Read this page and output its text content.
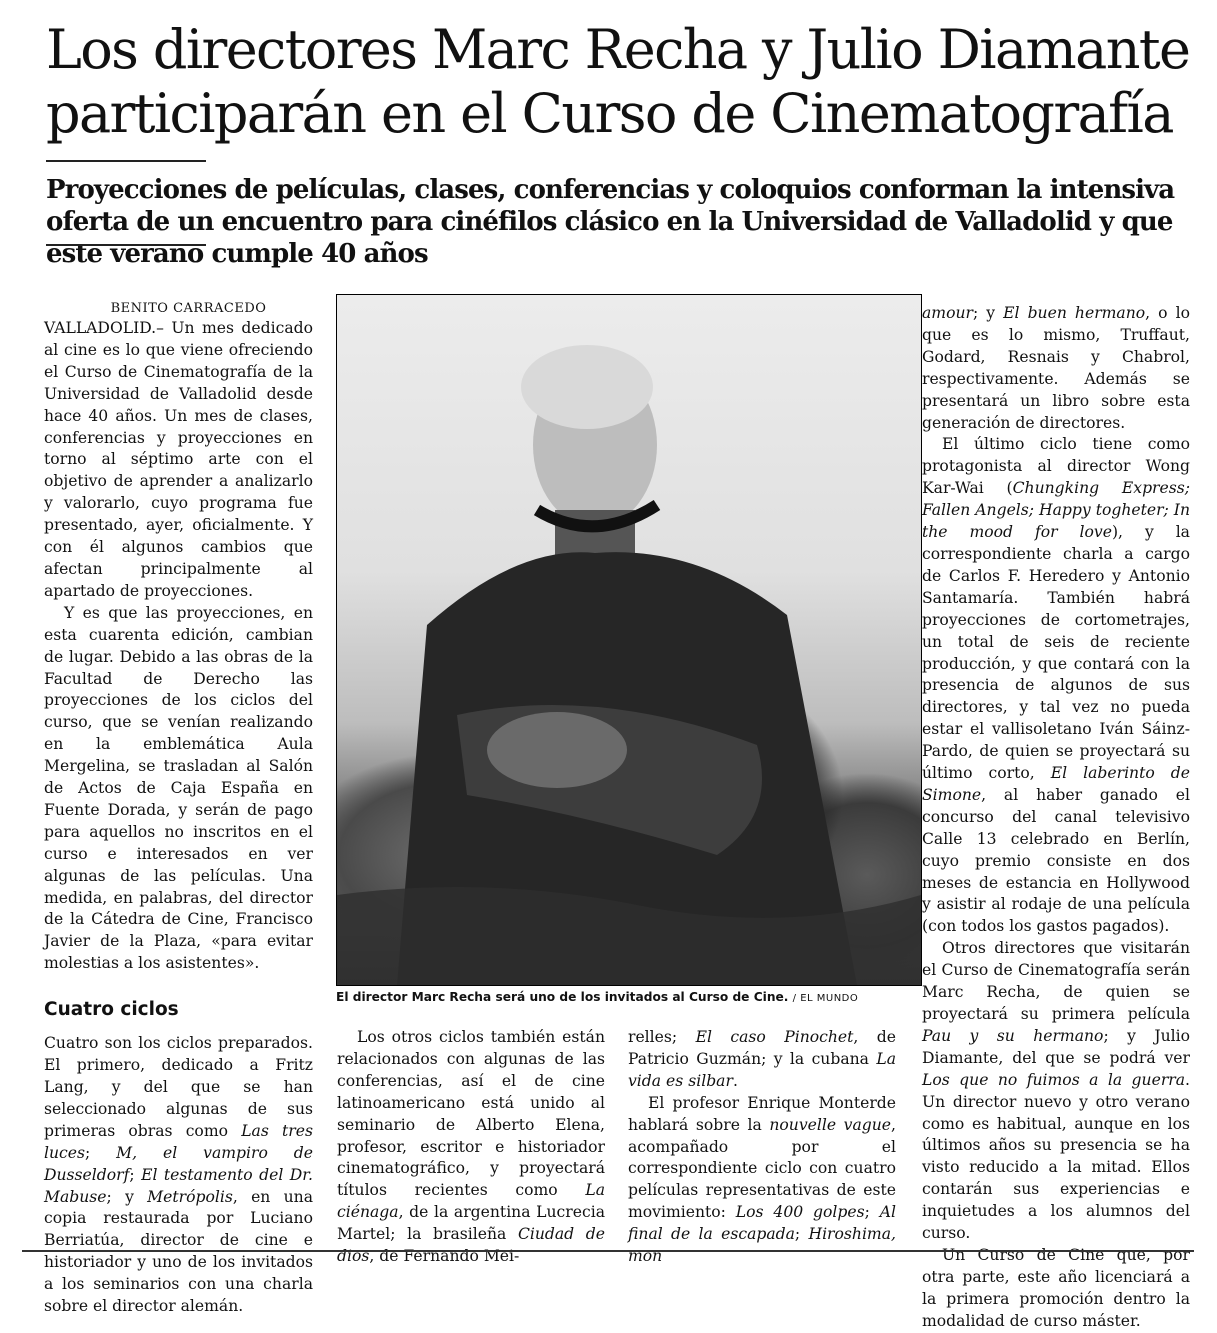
Los directores Marc Recha y Julio Diamante participarán en el Curso de Cinematografía
Proyecciones de películas, clases, conferencias y coloquios conforman la intensiva oferta de un encuentro para cinéfilos clásico en la Universidad de Valladolid y que este verano cumple 40 años

BENITO CARRACEDO

VALLADOLID.– Un mes dedicado al cine es lo que viene ofreciendo el Curso de Cinematografía de la Universidad de Valladolid desde hace 40 años. Un mes de clases, conferencias y proyecciones en torno al séptimo arte con el objetivo de aprender a analizarlo y valorarlo, cuyo programa fue presentado, ayer, oficialmente. Y con él algunos cambios que afectan principalmente al apartado de proyecciones.

Y es que las proyecciones, en esta cuarenta edición, cambian de lugar. Debido a las obras de la Facultad de Derecho las proyecciones de los ciclos del curso, que se venían realizando en la emblemática Aula Mergelina, se trasladan al Salón de Actos de Caja España en Fuente Dorada, y serán de pago para aquellos no inscritos en el curso e interesados en ver algunas de las películas. Una medida, en palabras, del director de la Cátedra de Cine, Francisco Javier de la Plaza, «para evitar molestias a los asistentes».

Cuatro ciclos

Cuatro son los ciclos preparados. El primero, dedicado a Fritz Lang, y del que se han seleccionado algunas de sus primeras obras como Las tres luces; M, el vampiro de Dusseldorf; El testamento del Dr. Mabuse; y Metrópolis, en una copia restaurada por Luciano Berriatúa, director de cine e historiador y uno de los invitados a los seminarios con una charla sobre el director alemán.

El director Marc Recha será uno de los invitados al Curso de Cine. / EL MUNDO

Los otros ciclos también están relacionados con algunas de las conferencias, así el de cine latinoamericano está unido al seminario de Alberto Elena, profesor, escritor e historiador cinematográfico, y proyectará títulos recientes como La ciénaga, de la argentina Lucrecia Martel; la brasileña Ciudad de dios, de Fernando Mei-

relles; El caso Pinochet, de Patricio Guzmán; y la cubana La vida es silbar.

El profesor Enrique Monterde hablará sobre la nouvelle vague, acompañado por el correspondiente ciclo con cuatro películas representativas de este movimiento: Los 400 golpes; Al final de la escapada; Hiroshima, mon

amour; y El buen hermano, o lo que es lo mismo, Truffaut, Godard, Resnais y Chabrol, respectivamente. Además se presentará un libro sobre esta generación de directores.

El último ciclo tiene como protagonista al director Wong Kar-Wai (Chungking Express; Fallen Angels; Happy togheter; In the mood for love), y la correspondiente charla a cargo de Carlos F. Heredero y Antonio Santamaría. También habrá proyecciones de cortometrajes, un total de seis de reciente producción, y que contará con la presencia de algunos de sus directores, y tal vez no pueda estar el vallisoletano Iván Sáinz-Pardo, de quien se proyectará su último corto, El laberinto de Simone, al haber ganado el concurso del canal televisivo Calle 13 celebrado en Berlín, cuyo premio consiste en dos meses de estancia en Hollywood y asistir al rodaje de una película (con todos los gastos pagados).

Otros directores que visitarán el Curso de Cinematografía serán Marc Recha, de quien se proyectará su primera película Pau y su hermano; y Julio Diamante, del que se podrá ver Los que no fuimos a la guerra. Un director nuevo y otro verano como es habitual, aunque en los últimos años su presencia se ha visto reducido a la mitad. Ellos contarán sus experiencias e inquietudes a los alumnos del curso.

Un Curso de Cine que, por otra parte, este año licenciará a la primera promoción dentro la modalidad de curso máster.
